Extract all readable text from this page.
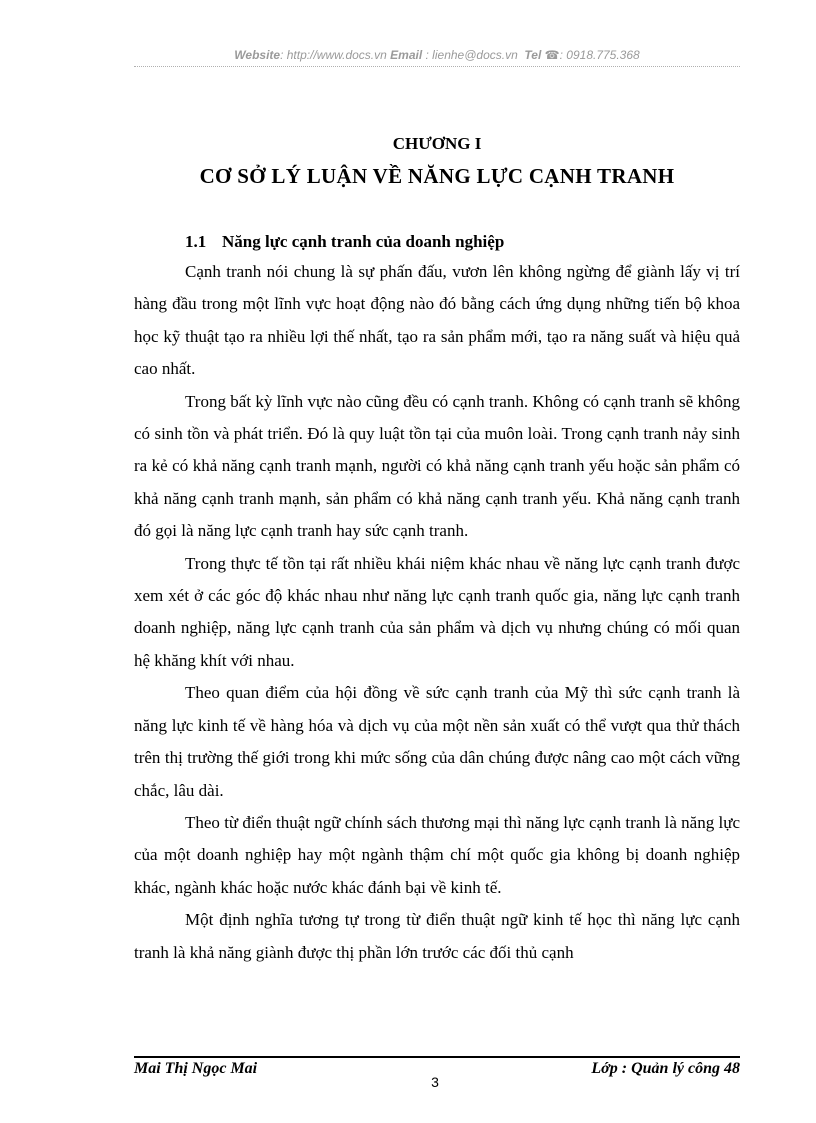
Website: http://www.docs.vn Email : lienhe@docs.vn Tel ☎: 0918.775.368
CHƯƠNG I
CƠ SỞ LÝ LUẬN VỀ NĂNG LỰC CẠNH TRANH
1.1 Năng lực cạnh tranh của doanh nghiệp

Cạnh tranh nói chung là sự phấn đấu, vươn lên không ngừng để giành lấy vị trí hàng đầu trong một lĩnh vực hoạt động nào đó bằng cách ứng dụng những tiến bộ khoa học kỹ thuật tạo ra nhiều lợi thế nhất, tạo ra sản phẩm mới, tạo ra năng suất và hiệu quả cao nhất.

Trong bất kỳ lĩnh vực nào cũng đều có cạnh tranh. Không có cạnh tranh sẽ không có sinh tồn và phát triển. Đó là quy luật tồn tại của muôn loài. Trong cạnh tranh nảy sinh ra kẻ có khả năng cạnh tranh mạnh, người có khả năng cạnh tranh yếu hoặc sản phẩm có khả năng cạnh tranh mạnh, sản phẩm có khả năng cạnh tranh yếu. Khả năng cạnh tranh đó gọi là năng lực cạnh tranh hay sức cạnh tranh.

Trong thực tế tồn tại rất nhiều khái niệm khác nhau về năng lực cạnh tranh được xem xét ở các góc độ khác nhau như năng lực cạnh tranh quốc gia, năng lực cạnh tranh doanh nghiệp, năng lực cạnh tranh của sản phẩm và dịch vụ nhưng chúng có mối quan hệ khăng khít với nhau.

Theo quan điểm của hội đồng về sức cạnh tranh của Mỹ thì sức cạnh tranh là năng lực kinh tế về hàng hóa và dịch vụ của một nền sản xuất có thể vượt qua thử thách trên thị trường thế giới trong khi mức sống của dân chúng được nâng cao một cách vững chắc, lâu dài.

Theo từ điển thuật ngữ chính sách thương mại thì năng lực cạnh tranh là năng lực của một doanh nghiệp hay một ngành thậm chí một quốc gia không bị doanh nghiệp khác, ngành khác hoặc nước khác đánh bại về kinh tế.

Một định nghĩa tương tự trong từ điển thuật ngữ kinh tế học thì năng lực cạnh tranh là khả năng giành được thị phần lớn trước các đối thủ cạnh

Mai Thị Ngọc Mai	Lớp : Quản lý công 48
3
